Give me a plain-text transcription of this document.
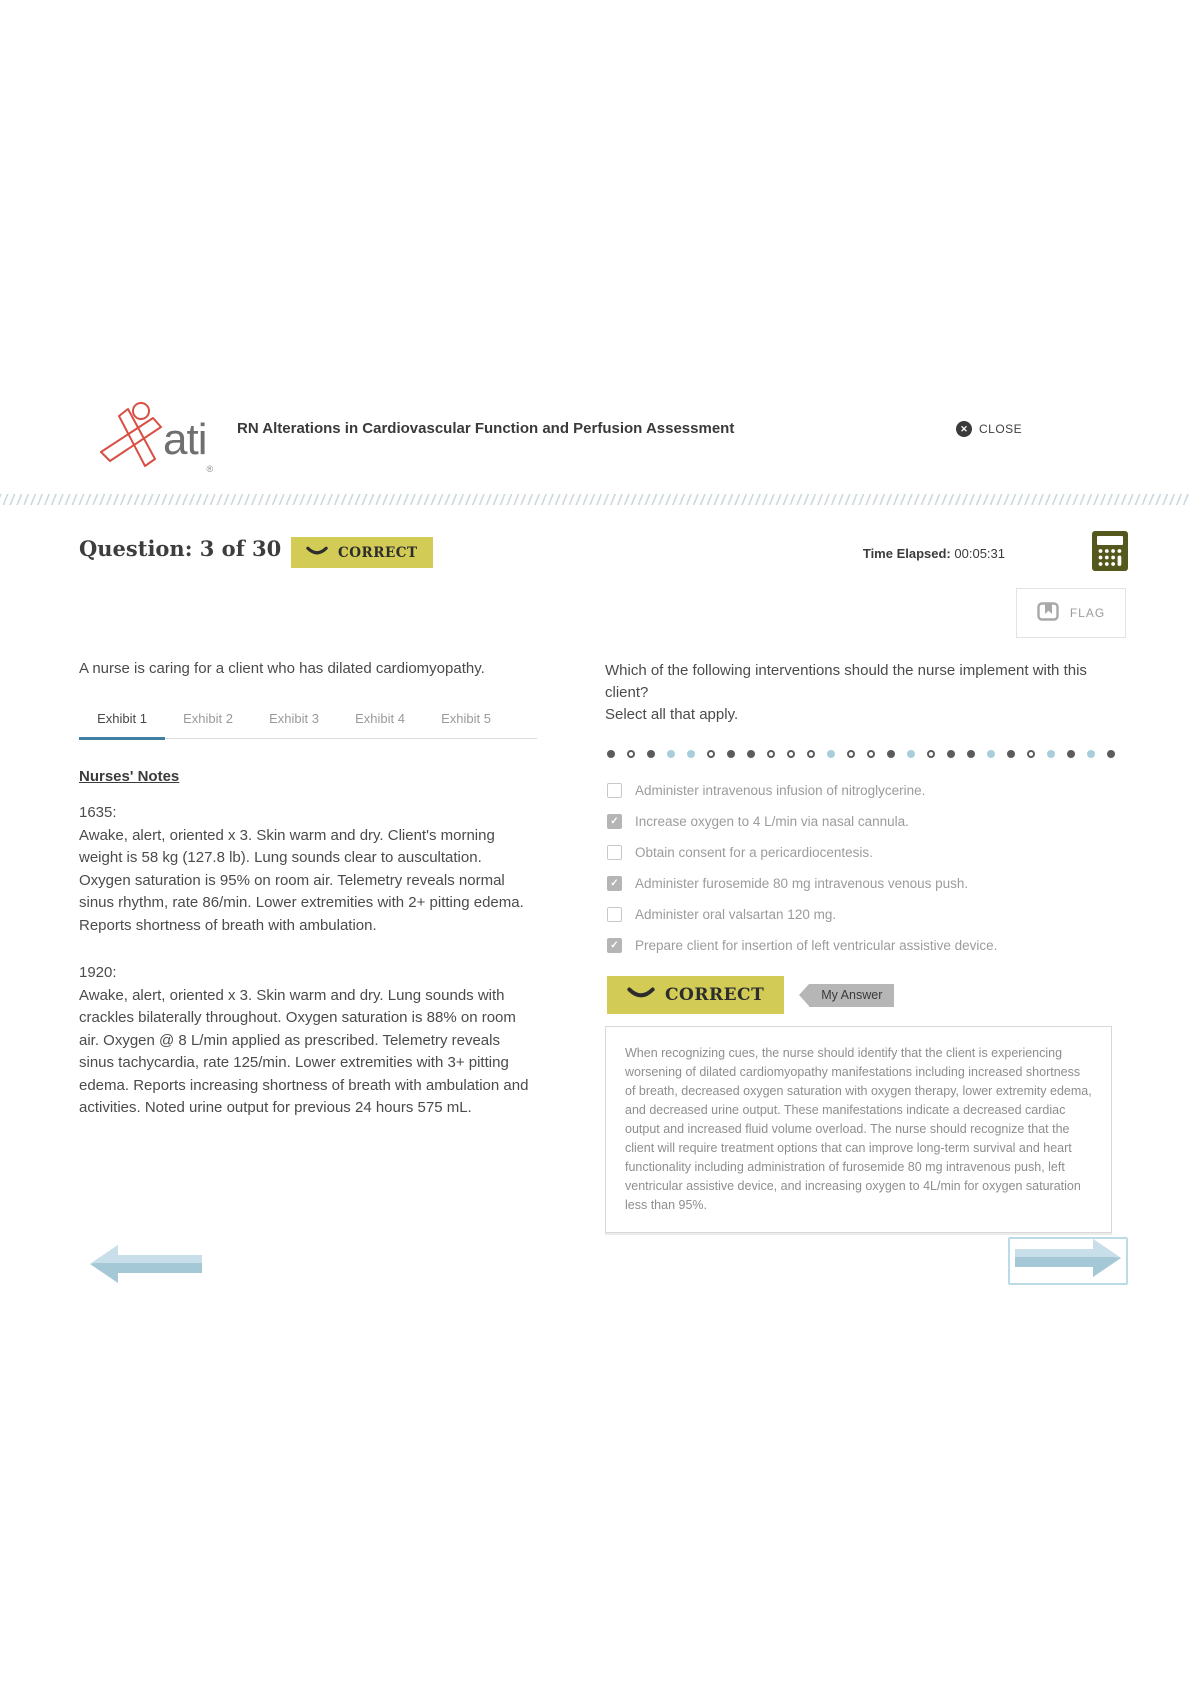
ati$_®$
RN Alterations in Cardiovascular Function and Perfusion Assessment	✕ CLOSE
Question: 3 of 30	CORRECT	Time Elapsed: 00:05:31
FLAG

A nurse is caring for a client who has dilated cardiomyopathy.

Exhibit 1	Exhibit 2	Exhibit 3	Exhibit 4	Exhibit 5
Nurses' Notes

1635:

Awake, alert, oriented x 3. Skin warm and dry. Client's morning weight is 58 kg (127.8 lb). Lung sounds clear to auscultation. Oxygen saturation is 95% on room air. Telemetry reveals normal sinus rhythm, rate 86/min. Lower extremities with 2+ pitting edema. Reports shortness of breath with ambulation.

1920:

Awake, alert, oriented x 3. Skin warm and dry. Lung sounds with crackles bilaterally throughout. Oxygen saturation is 88% on room air. Oxygen @ 8 L/min applied as prescribed. Telemetry reveals sinus tachycardia, rate 125/min. Lower extremities with 3+ pitting edema. Reports increasing shortness of breath with ambulation and activities. Noted urine output for previous 24 hours 575 mL.

Which of the following interventions should the nurse implement with this client?

Select all that apply.

Administer intravenous infusion of nitroglycerine.
✓
Increase oxygen to 4 L/min via nasal cannula.
Obtain consent for a pericardiocentesis.
✓
Administer furosemide 80 mg intravenous venous push.
Administer oral valsartan 120 mg.
✓
Prepare client for insertion of left ventricular assistive device.
CORRECT	My Answer

When recognizing cues, the nurse should identify that the client is experiencing worsening of dilated cardiomyopathy manifestations including increased shortness of breath, decreased oxygen saturation with oxygen therapy, lower extremity edema, and decreased urine output. These manifestations indicate a decreased cardiac output and increased fluid volume overload. The nurse should recognize that the client will require treatment options that can improve long-term survival and heart functionality including administration of furosemide 80 mg intravenous push, left ventricular assistive device, and increasing oxygen to 4L/min for oxygen saturation less than 95%.
